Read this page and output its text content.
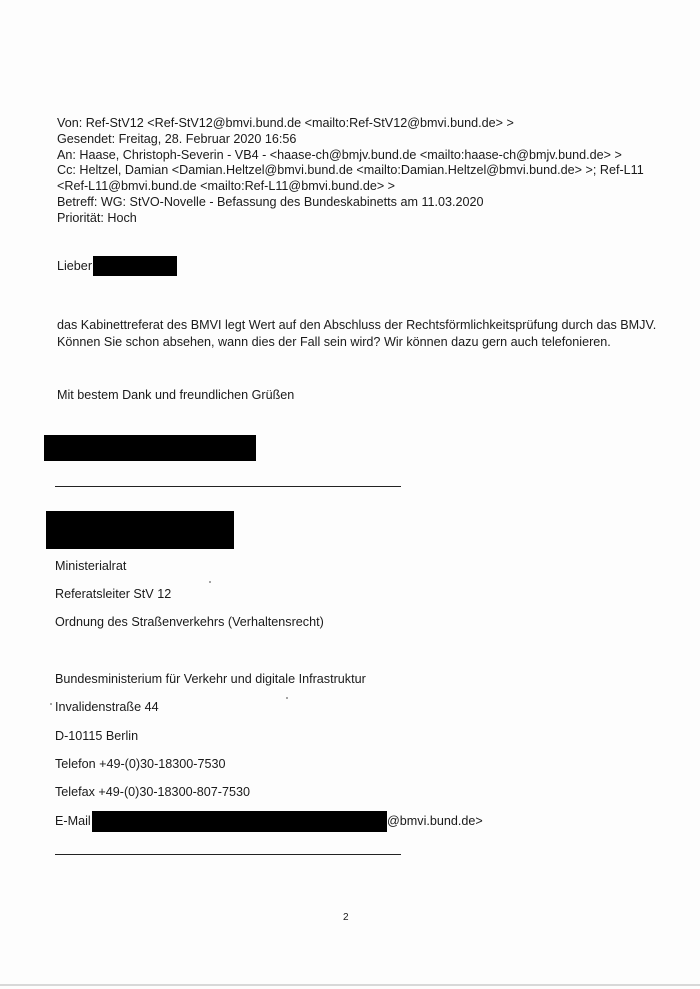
Von: Ref-StV12 <Ref-StV12@bmvi.bund.de <mailto:Ref-StV12@bmvi.bund.de> >
Gesendet: Freitag, 28. Februar 2020 16:56
An: Haase, Christoph-Severin - VB4 - <haase-ch@bmjv.bund.de <mailto:haase-ch@bmjv.bund.de> >
Cc: Heltzel, Damian <Damian.Heltzel@bmvi.bund.de <mailto:Damian.Heltzel@bmvi.bund.de> >; Ref-L11
<Ref-L11@bmvi.bund.de <mailto:Ref-L11@bmvi.bund.de> >
Betreff: WG: StVO-Novelle - Befassung des Bundeskabinetts am 11.03.2020
Priorität: Hoch
Lieber
das Kabinettreferat des BMVI legt Wert auf den Abschluss der Rechtsförmlichkeitsprüfung durch das BMJV. Können Sie schon absehen, wann dies der Fall sein wird? Wir können dazu gern auch telefonieren.
Mit bestem Dank und freundlichen Grüßen
Ministerialrat
Referatsleiter StV 12
Ordnung des Straßenverkehrs (Verhaltensrecht)
Bundesministerium für Verkehr und digitale Infrastruktur
Invalidenstraße 44
D-10115 Berlin
Telefon +49-(0)30-18300-7530
Telefax +49-(0)30-18300-807-7530
E-Mail	@bmvi.bund.de>
2
